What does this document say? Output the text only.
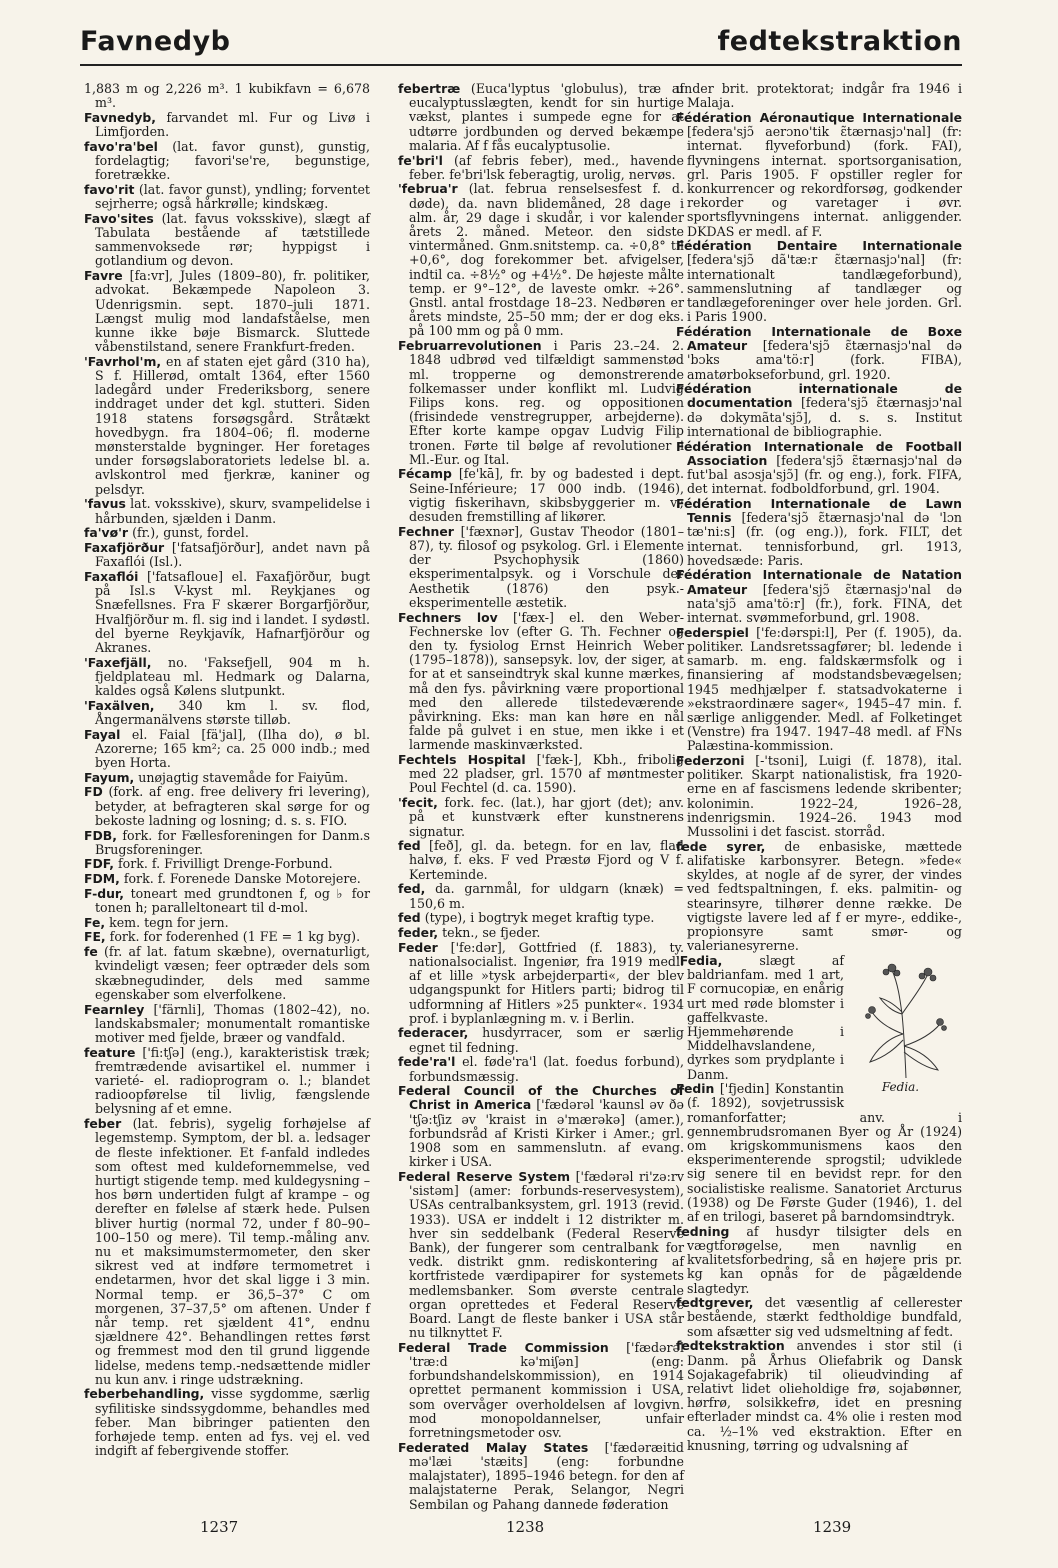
Favnedyb	fedtekstraktion

1,883 m og 2,226 m³. 1 kubikfavn = 6,678 m³.

Favnedyb, farvandet ml. Fur og Livø i Limfjorden.

favo'ra'bel (lat. favor gunst), gunstig, fordelagtig; favori'se're, begunstige, foretrække.

favo'rit (lat. favor gunst), yndling; forventet sejrherre; også hårkrølle; kindskæg.

Favo'sites (lat. favus voksskive), slægt af Tabulata bestående af tætstillede sammenvoksede rør; hyppigst i gotlandium og devon.

Favre [fa:vr], Jules (1809–80), fr. politiker, advokat. Bekæmpede Napoleon 3. Udenrigsmin. sept. 1870–juli 1871. Længst mulig mod landafståelse, men kunne ikke bøje Bismarck. Sluttede våbenstilstand, senere Frankfurt-freden.

'Favrhol'm, en af staten ejet gård (310 ha), S f. Hillerød, omtalt 1364, efter 1560 ladegård under Frederiksborg, senere inddraget under det kgl. stutteri. Siden 1918 statens forsøgsgård. Stråtækt hovedbygn. fra 1804–06; fl. moderne mønsterstalde bygninger. Her foretages under forsøgslaboratoriets ledelse bl. a. avlskontrol med fjerkræ, kaniner og pelsdyr.

'favus lat. voksskive), skurv, svampelidelse i hårbunden, sjælden i Danm.

fa'vø'r (fr.), gunst, fordel.

Faxafjörður ['fatsafjörður], andet navn på Faxaflói (Isl.).

Faxaflói ['fatsafloue] el. Faxafjörður, bugt på Isl.s V-kyst ml. Reykjanes og Snæfellsnes. Fra F skærer Borgarfjörður, Hvalfjörður m. fl. sig ind i landet. I sydøstl. del byerne Reykjavík, Hafnarfjörður og Akranes.

'Faxefjäll, no. 'Faksefjell, 904 m h. fjeldplateau ml. Hedmark og Dalarna, kaldes også Kølens slutpunkt.

'Faxälven, 340 km l. sv. flod, Ångermanälvens største tilløb.

Fayal el. Faial [fä'jal], (Ilha do), ø bl. Azorerne; 165 km²; ca. 25 000 indb.; med byen Horta.

Fayum, unøjagtig stavemåde for Faiyūm.

FD (fork. af eng. free delivery fri levering), betyder, at befragteren skal sørge for og bekoste ladning og losning; d. s. s. FIO.

FDB, fork. for Fællesforeningen for Danm.s Brugsforeninger.

FDF, fork. f. Frivilligt Drenge-Forbund.

FDM, fork. f. Forenede Danske Motorejere.

F-dur, toneart med grundtonen f, og ♭ for tonen h; paralleltoneart til d-mol.

Fe, kem. tegn for jern.

FE, fork. for foderenhed (1 FE = 1 kg byg).

fe (fr. af lat. fatum skæbne), overnaturligt, kvindeligt væsen; feer optræder dels som skæbnegudinder, dels med samme egenskaber som elverfolkene.

Fearnley ['färnli], Thomas (1802–42), no. landskabsmaler; monumentalt romantiske motiver med fjelde, bræer og vandfald.

feature ['fi:tʃə] (eng.), karakteristisk træk; fremtrædende avisartikel el. nummer i varieté- el. radioprogram o. l.; blandet radioopførelse til livlig, fængslende belysning af et emne.

feber (lat. febris), sygelig forhøjelse af legemstemp. Symptom, der bl. a. ledsager de fleste infektioner. Et f-anfald indledes som oftest med kuldefornemmelse, ved hurtigt stigende temp. med kuldegysning – hos børn undertiden fulgt af krampe – og derefter en følelse af stærk hede. Pulsen bliver hurtig (normal 72, under f 80–90–100–150 og mere). Til temp.-måling anv. nu et maksimumstermometer, den sker sikrest ved at indføre termometret i endetarmen, hvor det skal ligge i 3 min. Normal temp. er 36,5–37° C om morgenen, 37–37,5° om aftenen. Under f når temp. ret sjældent 41°, endnu sjældnere 42°. Behandlingen rettes først og fremmest mod den til grund liggende lidelse, medens temp.-nedsættende midler nu kun anv. i ringe udstrækning.

feberbehandling, visse sygdomme, særlig syfilitiske sindssygdomme, behandles med feber. Man bibringer patienten den forhøjede temp. enten ad fys. vej el. ved indgift af febergivende stoffer.

febertræ (Euca'lyptus 'globulus), træ af eucalyptusslægten, kendt for sin hurtige vækst, plantes i sumpede egne for at udtørre jordbunden og derved bekæmpe malaria. Af f fås eucalyptusolie.

fe'bri'l (af febris feber), med., havende feber. fe'bri'lsk feberagtig, urolig, nervøs.

'februa'r (lat. februa renselsesfest f. d. døde), da. navn blidemåned, 28 dage i alm. år, 29 dage i skudår, i vor kalender årets 2. måned. Meteor. den sidste vintermåned. Gnm.snitstemp. ca. ÷0,8° til +0,6°, dog forekommer bet. afvigelser, indtil ca. ÷8½° og +4½°. De højeste målte temp. er 9°–12°, de laveste omkr. ÷26°. Gnstl. antal frostdage 18–23. Nedbøren er årets mindste, 25–50 mm; der er dog eks. på 100 mm og på 0 mm.

Februarrevolutionen i Paris 23.–24. 2. 1848 udbrød ved tilfældigt sammenstød ml. tropperne og demonstrerende folkemasser under konflikt ml. Ludvig Filips kons. reg. og oppositionen (frisindede venstregrupper, arbejderne). Efter korte kampe opgav Ludvig Filip tronen. Førte til bølge af revolutioner i Ml.-Eur. og Ital.

Fécamp [fe'kā], fr. by og badested i dept. Seine-Inférieure; 17 000 indb. (1946), vigtig fiskerihavn, skibsbyggerier m. v.; desuden fremstilling af likører.

Fechner ['fæxnər], Gustav Theodor (1801–87), ty. filosof og psykolog. Grl. i Elemente der Psychophysik (1860) eksperimentalpsyk. og i Vorschule der Aesthetik (1876) den psyk.-eksperimentelle æstetik.

Fechners lov ['fæx-] el. den Weber-Fechnerske lov (efter G. Th. Fechner og den ty. fysiolog Ernst Heinrich Weber (1795–1878)), sansepsyk. lov, der siger, at for at et sanseindtryk skal kunne mærkes, må den fys. påvirkning være proportional med den allerede tilstedeværende påvirkning. Eks: man kan høre en nål falde på gulvet i en stue, men ikke i et larmende maskinværksted.

Fechtels Hospital ['fæk-], Kbh., fribolig med 22 pladser, grl. 1570 af møntmester Poul Fechtel (d. ca. 1590).

'fecit, fork. fec. (lat.), har gjort (det); anv. på et kunstværk efter kunstnerens signatur.

fed [feð], gl. da. betegn. for en lav, flad halvø, f. eks. F ved Præstø Fjord og V f. Kerteminde.

fed, da. garnmål, for uldgarn (knæk) = 150,6 m.

fed (type), i bogtryk meget kraftig type.

feder, tekn., se fjeder.

Feder ['fe:dər], Gottfried (f. 1883), ty. nationalsocialist. Ingeniør, fra 1919 medl. af et lille »tysk arbejderparti«, der blev udgangspunkt for Hitlers parti; bidrog til udformning af Hitlers »25 punkter«. 1934 prof. i byplanlægning m. v. i Berlin.

federacer, husdyrracer, som er særlig egnet til fedning.

fede'ra'l el. føde'ra'l (lat. foedus forbund), forbundsmæssig.

Federal Council of the Churches of Christ in America ['fædərəl 'kaunsl əv ðə 'tʃə:tʃiz əv 'kraist in ə'mærəkə] (amer.), forbundsråd af Kristi Kirker i Amer.; grl. 1908 som en sammenslutn. af evang. kirker i USA.

Federal Reserve System ['fædərəl ri'zə:rv 'sistəm] (amer: forbunds-reservesystem), USAs centralbanksystem, grl. 1913 (revid. 1933). USA er inddelt i 12 distrikter m. hver sin seddelbank (Federal Reserve Bank), der fungerer som centralbank for vedk. distrikt gnm. rediskontering af kortfristede værdipapirer for systemets medlemsbanker. Som øverste centrale organ oprettedes et Federal Reserve Board. Langt de fleste banker i USA står nu tilknyttet F.

Federal Trade Commission ['fædərəl 'træ:d kə'miʃən] (eng: forbundshandelskommission), en 1914 oprettet permanent kommission i USA, som overvåger overholdelsen af lovgivn. mod monopoldannelser, unfair forretningsmetoder osv.

Federated Malay States ['fædəræitid mə'læi 'stæits] (eng: forbundne malajstater), 1895–1946 betegn. for den af malajstaterne Perak, Selangor, Negri Sembilan og Pahang dannede føderation

under brit. protektorat; indgår fra 1946 i Malaja.

Fédération Aéronautique Internationale [federa'sjɔ̃ aerɔno'tik ɛ̃tærnasjɔ'nal] (fr: internat. flyveforbund) (fork. FAI), flyvningens internat. sportsorganisation, grl. Paris 1905. F opstiller regler for konkurrencer og rekordforsøg, godkender rekorder og varetager i øvr. sportsflyvningens internat. anliggender. DKDAS er medl. af F.

Fédération Dentaire Internationale [federa'sjɔ̃ dã'tæ:r ɛ̃tærnasjɔ'nal] (fr: internationalt tandlægeforbund), sammenslutning af tandlæger og tandlægeforeninger over hele jorden. Grl. i Paris 1900.

Fédération Internationale de Boxe Amateur [federa'sjɔ̃ ɛ̃tærnasjɔ'nal də 'bɔks ama'tö:r] (fork. FIBA), amatørbokseforbund, grl. 1920.

Fédération internationale de documentation [federa'sjɔ̃ ɛ̃tærnasjɔ'nal də dɔkymãta'sjɔ̃], d. s. s. Institut international de bibliographie.

Fédération Internationale de Football Association [federa'sjɔ̃ ɛ̃tærnasjɔ'nal də fut'bal asɔsja'sjɔ̃] (fr. og eng.), fork. FIFA, det internat. fodboldforbund, grl. 1904.

Fédération Internationale de Lawn Tennis [federa'sjɔ̃ ɛ̃tærnasjɔ'nal də 'lɔn tæ'ni:s] (fr. (og eng.)), fork. FILT, det internat. tennisforbund, grl. 1913, hovedsæde: Paris.

Fédération Internationale de Natation Amateur [federa'sjɔ̃ ɛ̃tærnasjɔ'nal də nata'sjɔ̃ ama'tö:r] (fr.), fork. FINA, det internat. svømmeforbund, grl. 1908.

Federspiel ['fe:dərspi:l], Per (f. 1905), da. politiker. Landsretssagfører; bl. ledende i samarb. m. eng. faldskærmsfolk og i finansiering af modstandsbevægelsen; 1945 medhjælper f. statsadvokaterne i »ekstraordinære sager«, 1945–47 min. f. særlige anliggender. Medl. af Folketinget (Venstre) fra 1947. 1947–48 medl. af FNs Palæstina-kommission.

Federzoni [-'tsoni], Luigi (f. 1878), ital. politiker. Skarpt nationalistisk, fra 1920-erne en af fascismens ledende skribenter; kolonimin. 1922–24, 1926–28, indenrigsmin. 1924–26. 1943 mod Mussolini i det fascist. storråd.

fede syrer, de enbasiske, mættede alifatiske karbonsyrer. Betegn. »fede« skyldes, at nogle af de syrer, der vindes ved fedtspaltningen, f. eks. palmitin- og stearinsyre, tilhører denne række. De vigtigste lavere led af f er myre-, eddike-, propionsyre samt smør- og valerianesyrerne.

Fedia.
'Fedia,	slægt af baldrianfam. med 1 art, F cornucopiæ, en enårig urt med røde blomster i gaffelkvaste. Hjemmehørende i Middelhavslandene, dyrkes som prydplante i Danm.

Fedin ['fjedin] Konstantin (f. 1892), sovjetrussisk romanforfatter; anv. i gennembrudsromanen Byer og År (1924) om krigskommunismens kaos den eksperimenterende sprogstil; udviklede sig senere til en bevidst repr. for den socialistiske realisme. Sanatoriet Arcturus (1938) og De Første Guder (1946), 1. del af en trilogi, baseret på barndomsindtryk.

fedning af husdyr tilsigter dels en vægtforøgelse, men navnlig en kvalitetsforbedring, så en højere pris pr. kg kan opnås for de pågældende slagtedyr.

fedtgrever, det væsentlig af cellerester bestående, stærkt fedtholdige bundfald, som afsætter sig ved udsmeltning af fedt.

fedtekstraktion anvendes i stor stil (i Danm. på Århus Oliefabrik og Dansk Sojakagefabrik) til olieudvinding af relativt lidet olieholdige frø, sojabønner, hørfrø, solsikkefrø, idet en presning efterlader mindst ca. 4% olie i resten mod ca. ½–1% ved ekstraktion. Efter en knusning, tørring og udvalsning af

1237	1238	1239
